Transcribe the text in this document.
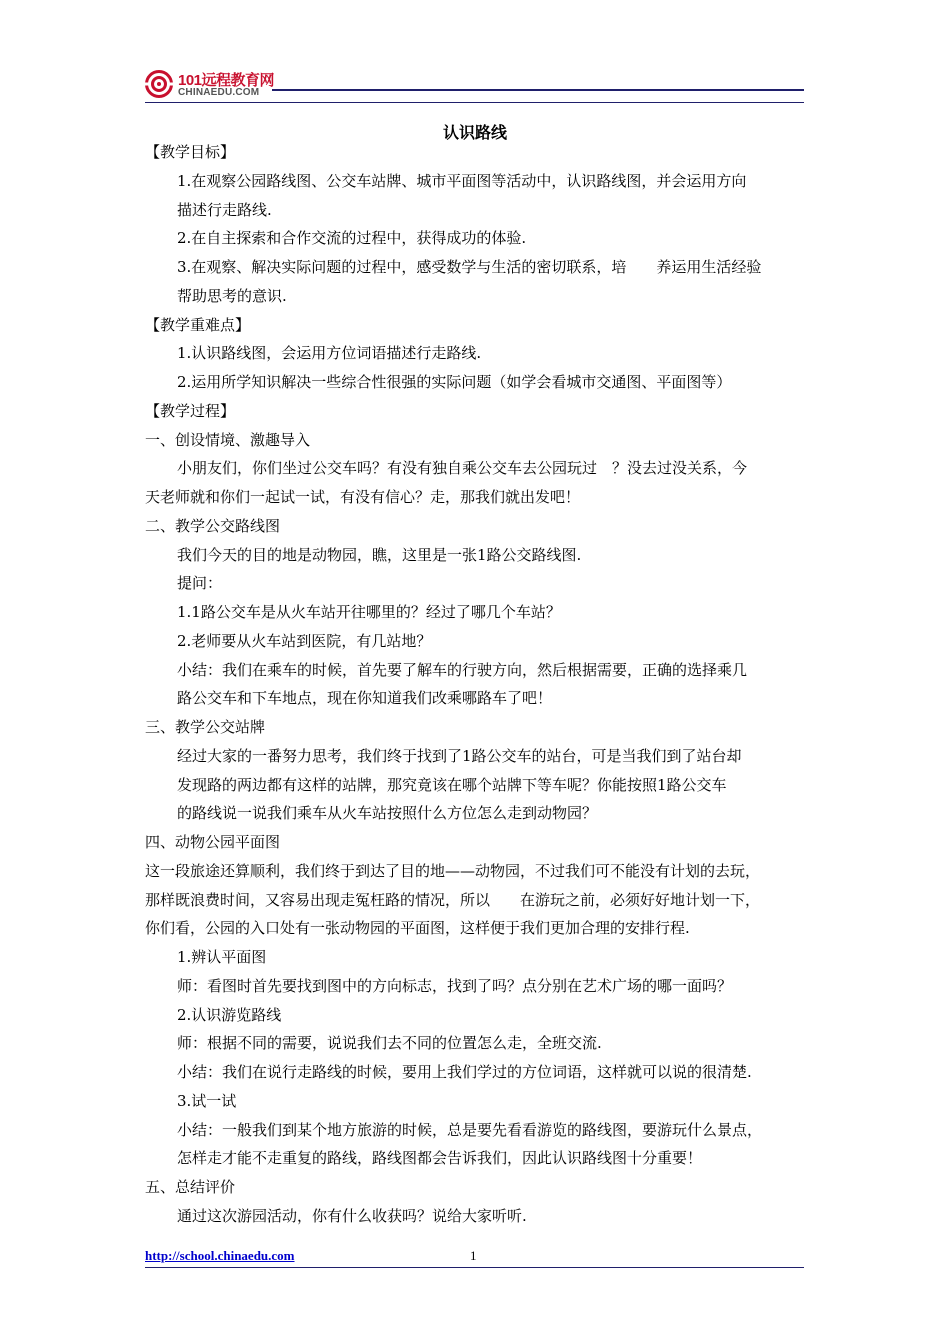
101远程教育网
CHINAEDU.COM
认识路线
【教学目标】
1.在观察公园路线图、公交车站牌、城市平面图等活动中，认识路线图，并会运用方向
描述行走路线.
2.在自主探索和合作交流的过程中，获得成功的体验.
3.在观察、解决实际问题的过程中，感受数学与生活的密切联系，培　　养运用生活经验
帮助思考的意识.
【教学重难点】
1.认识路线图，会运用方位词语描述行走路线.
2.运用所学知识解决一些综合性很强的实际问题（如学会看城市交通图、平面图等）
【教学过程】
一、创设情境、激趣导入
小朋友们，你们坐过公交车吗？有没有独自乘公交车去公园玩过　？没去过没关系，今
天老师就和你们一起试一试，有没有信心？走，那我们就出发吧！
二、教学公交路线图
我们今天的目的地是动物园，瞧，这里是一张1路公交路线图.
提问：
1.1路公交车是从火车站开往哪里的？经过了哪几个车站？
2.老师要从火车站到医院，有几站地？
小结：我们在乘车的时候，首先要了解车的行驶方向，然后根据需要，正确的选择乘几
路公交车和下车地点，现在你知道我们改乘哪路车了吧！
三、教学公交站牌
经过大家的一番努力思考，我们终于找到了1路公交车的站台，可是当我们到了站台却
发现路的两边都有这样的站牌，那究竟该在哪个站牌下等车呢？你能按照1路公交车
的路线说一说我们乘车从火车站按照什么方位怎么走到动物园？
四、动物公园平面图
这一段旅途还算顺利，我们终于到达了目的地——动物园，不过我们可不能没有计划的去玩，
那样既浪费时间，又容易出现走冤枉路的情况，所以　　在游玩之前，必须好好地计划一下，
你们看，公园的入口处有一张动物园的平面图，这样便于我们更加合理的安排行程.
1.辨认平面图
师：看图时首先要找到图中的方向标志，找到了吗？点分别在艺术广场的哪一面吗？
2.认识游览路线
师：根据不同的需要，说说我们去不同的位置怎么走，全班交流.
小结：我们在说行走路线的时候，要用上我们学过的方位词语，这样就可以说的很清楚.
3.试一试
小结：一般我们到某个地方旅游的时候，总是要先看看游览的路线图，要游玩什么景点，
怎样走才能不走重复的路线，路线图都会告诉我们，因此认识路线图十分重要！
五、总结评价
通过这次游园活动，你有什么收获吗？说给大家听听.
http://school.chinaedu.com	1
